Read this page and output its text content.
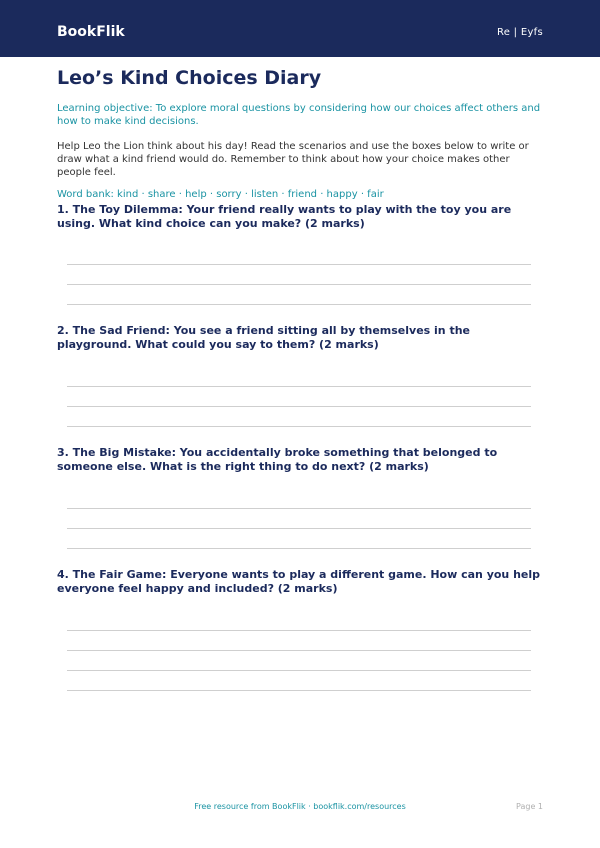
BookFlik	Re | Eyfs
Leo’s Kind Choices Diary

Learning objective: To explore moral questions by considering how our choices affect others and how to make kind decisions.

Help Leo the Lion think about his day! Read the scenarios and use the boxes below to write or draw what a kind friend would do. Remember to think about how your choice makes other people feel.

Word bank: kind · share · help · sorry · listen · friend · happy · fair

1. The Toy Dilemma: Your friend really wants to play with the toy you are using. What kind choice can you make? (2 marks)

2. The Sad Friend: You see a friend sitting all by themselves in the playground. What could you say to them? (2 marks)

3. The Big Mistake: You accidentally broke something that belonged to someone else. What is the right thing to do next? (2 marks)

4. The Fair Game: Everyone wants to play a different game. How can you help everyone feel happy and included? (2 marks)

Free resource from BookFlik · bookflik.com/resources	Page 1
